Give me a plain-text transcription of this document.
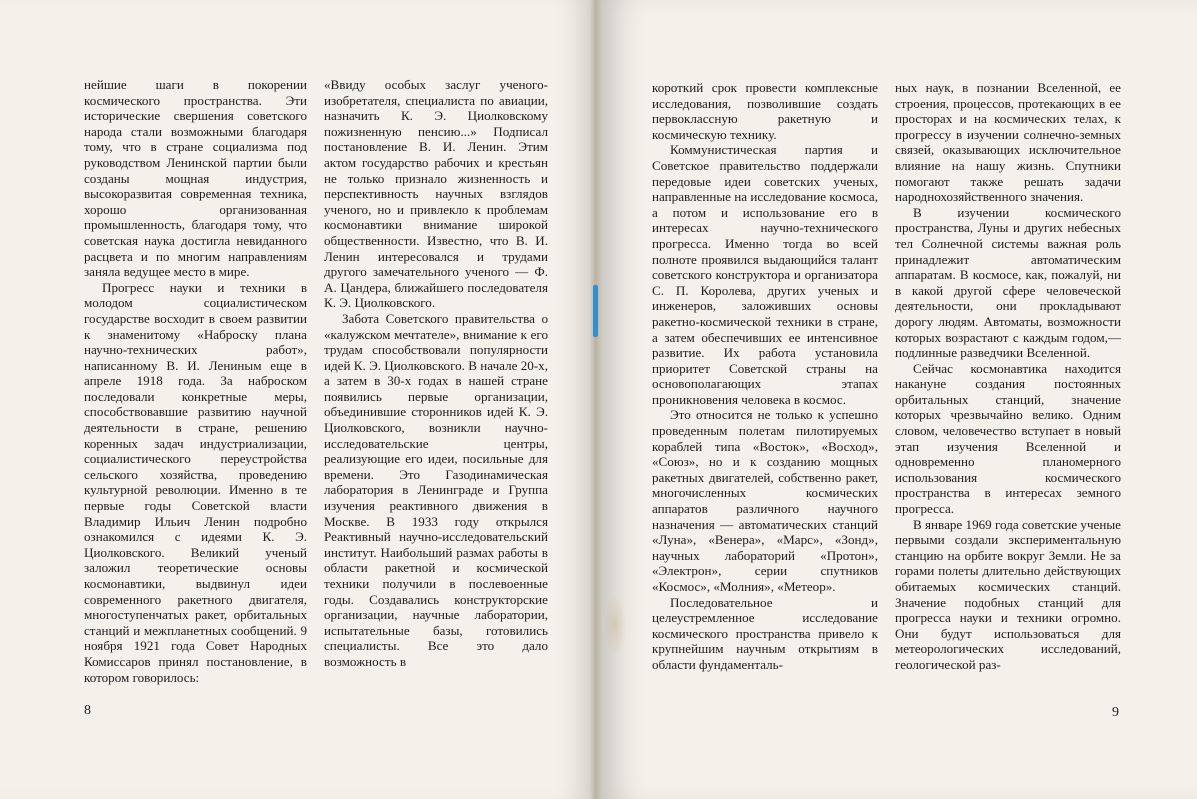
нейшие шаги в покорении космического пространства. Эти исторические свершения советского народа стали возможными благодаря тому, что в стране социализма под руководством Ленинской партии были созданы мощная индустрия, высокоразвитая современная техника, хорошо организованная промышленность, благодаря тому, что советская наука достигла невиданного расцвета и по многим направлениям заняла ведущее место в мире.

Прогресс науки и техники в молодом социалистическом государстве восходит в своем развитии к знаменитому «Наброску плана научно-технических работ», написанному В. И. Лениным еще в апреле 1918 года. За наброском последовали конкретные меры, способствовавшие развитию научной деятельности в стране, решению коренных задач индустриализации, социалистического переустройства сельского хозяйства, проведению культурной революции. Именно в те первые годы Советской власти Владимир Ильич Ленин подробно ознакомился с идеями К. Э. Циолковского. Великий ученый заложил теоретические основы космонавтики, выдвинул идеи современного ракетного двигателя, многоступенчатых ракет, орбитальных станций и межпланетных сообщений. 9 ноября 1921 года Совет Народных Комиссаров принял постановление, в котором говорилось:

«Ввиду особых заслуг ученого-изобретателя, специалиста по авиации, назначить К. Э. Циолковскому пожизненную пенсию...» Подписал постановление В. И. Ленин. Этим актом государство рабочих и крестьян не только признало жизненность и перспективность научных взглядов ученого, но и привлекло к проблемам космонавтики внимание широкой общественности. Известно, что В. И. Ленин интересовался и трудами другого замечательного ученого — Ф. А. Цандера, ближайшего последователя К. Э. Циолковского.

Забота Советского правительства о «калужском мечтателе», внимание к его трудам способствовали популярности идей К. Э. Циолковского. В начале 20-х, а затем в 30-х годах в нашей стране появились первые организации, объединившие сторонников идей К. Э. Циолковского, возникли научно-исследовательские центры, реализующие его идеи, посильные для времени. Это Газодинамическая лаборатория в Ленинграде и Группа изучения реактивного движения в Москве. В 1933 году открылся Реактивный научно-исследовательский институт. Наибольший размах работы в области ракетной и космической техники получили в послевоенные годы. Создавались конструкторские организации, научные лаборатории, испытательные базы, готовились специалисты. Все это дало возможность в

8

короткий срок провести комплексные исследования, позволившие создать первоклассную ракетную и космическую технику.

Коммунистическая партия и Советское правительство поддержали передовые идеи советских ученых, направленные на исследование космоса, а потом и использование его в интересах научно-технического прогресса. Именно тогда во всей полноте проявился выдающийся талант советского конструктора и организатора С. П. Королева, других ученых и инженеров, заложивших основы ракетно-космической техники в стране, а затем обеспечивших ее интенсивное развитие. Их работа установила приоритет Советской страны на основополагающих этапах проникновения человека в космос.

Это относится не только к успешно проведенным полетам пилотируемых кораблей типа «Восток», «Восход», «Союз», но и к созданию мощных ракетных двигателей, собственно ракет, многочисленных космических аппаратов различного научного назначения — автоматических станций «Луна», «Венера», «Марс», «Зонд», научных лабораторий «Протон», «Электрон», серии спутников «Космос», «Молния», «Метеор».

Последовательное и целеустремленное исследование космического пространства привело к крупнейшим научным открытиям в области фундаменталь-

ных наук, в познании Вселенной, ее строения, процессов, протекающих в ее просторах и на космических телах, к прогрессу в изучении солнечно-земных связей, оказывающих исключительное влияние на нашу жизнь. Спутники помогают также решать задачи народнохозяйственного значения.

В изучении космического пространства, Луны и других небесных тел Солнечной системы важная роль принадлежит автоматическим аппаратам. В космосе, как, пожалуй, ни в какой другой сфере человеческой деятельности, они прокладывают дорогу людям. Автоматы, возможности которых возрастают с каждым годом,— подлинные разведчики Вселенной.

Сейчас космонавтика находится накануне создания постоянных орбитальных станций, значение которых чрезвычайно велико. Одним словом, человечество вступает в новый этап изучения Вселенной и одновременно планомерного использования космического пространства в интересах земного прогресса.

В январе 1969 года советские ученые первыми создали экспериментальную станцию на орбите вокруг Земли. Не за горами полеты длительно действующих обитаемых космических станций. Значение подобных станций для прогресса науки и техники огромно. Они будут использоваться для метеорологических исследований, геологической раз-

9
